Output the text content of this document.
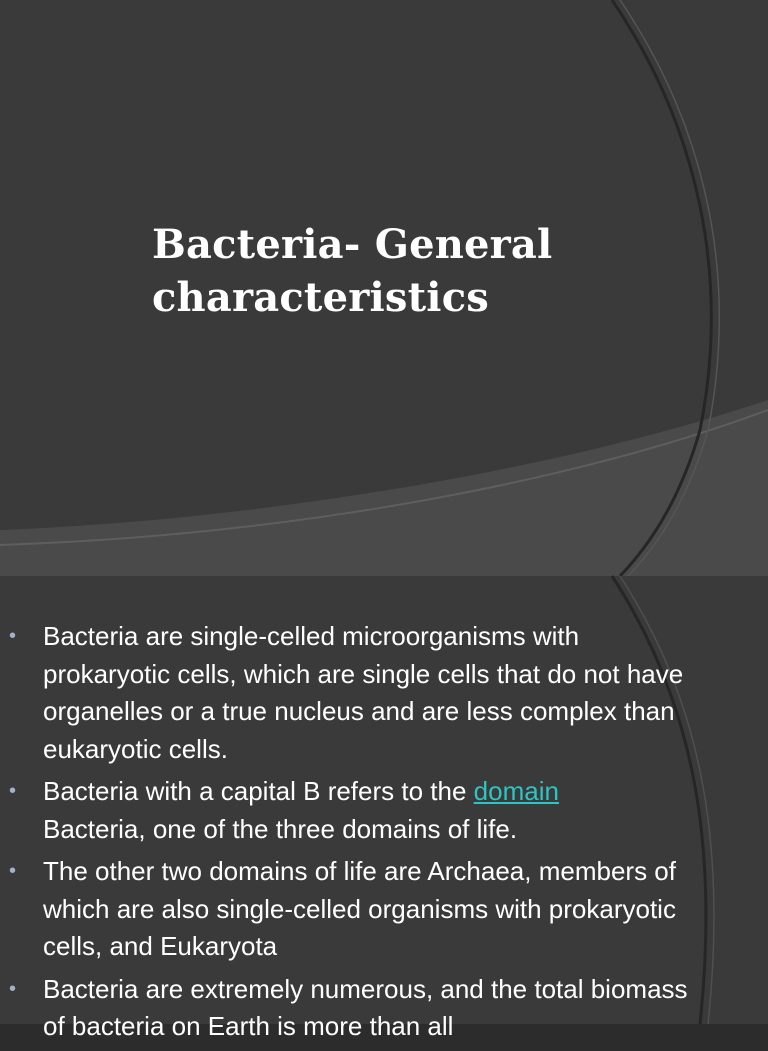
Bacteria- General
characteristics
• Bacteria are single-celled microorganisms with prokaryotic cells, which are single cells that do not have organelles or a true nucleus and are less complex than eukaryotic cells.
• Bacteria with a capital B refers to the domain
Bacteria, one of the three domains of life.
• The other two domains of life are Archaea, members of which are also single-celled organisms with prokaryotic cells, and Eukaryota
• Bacteria are extremely numerous, and the total biomass of bacteria on Earth is more than all
